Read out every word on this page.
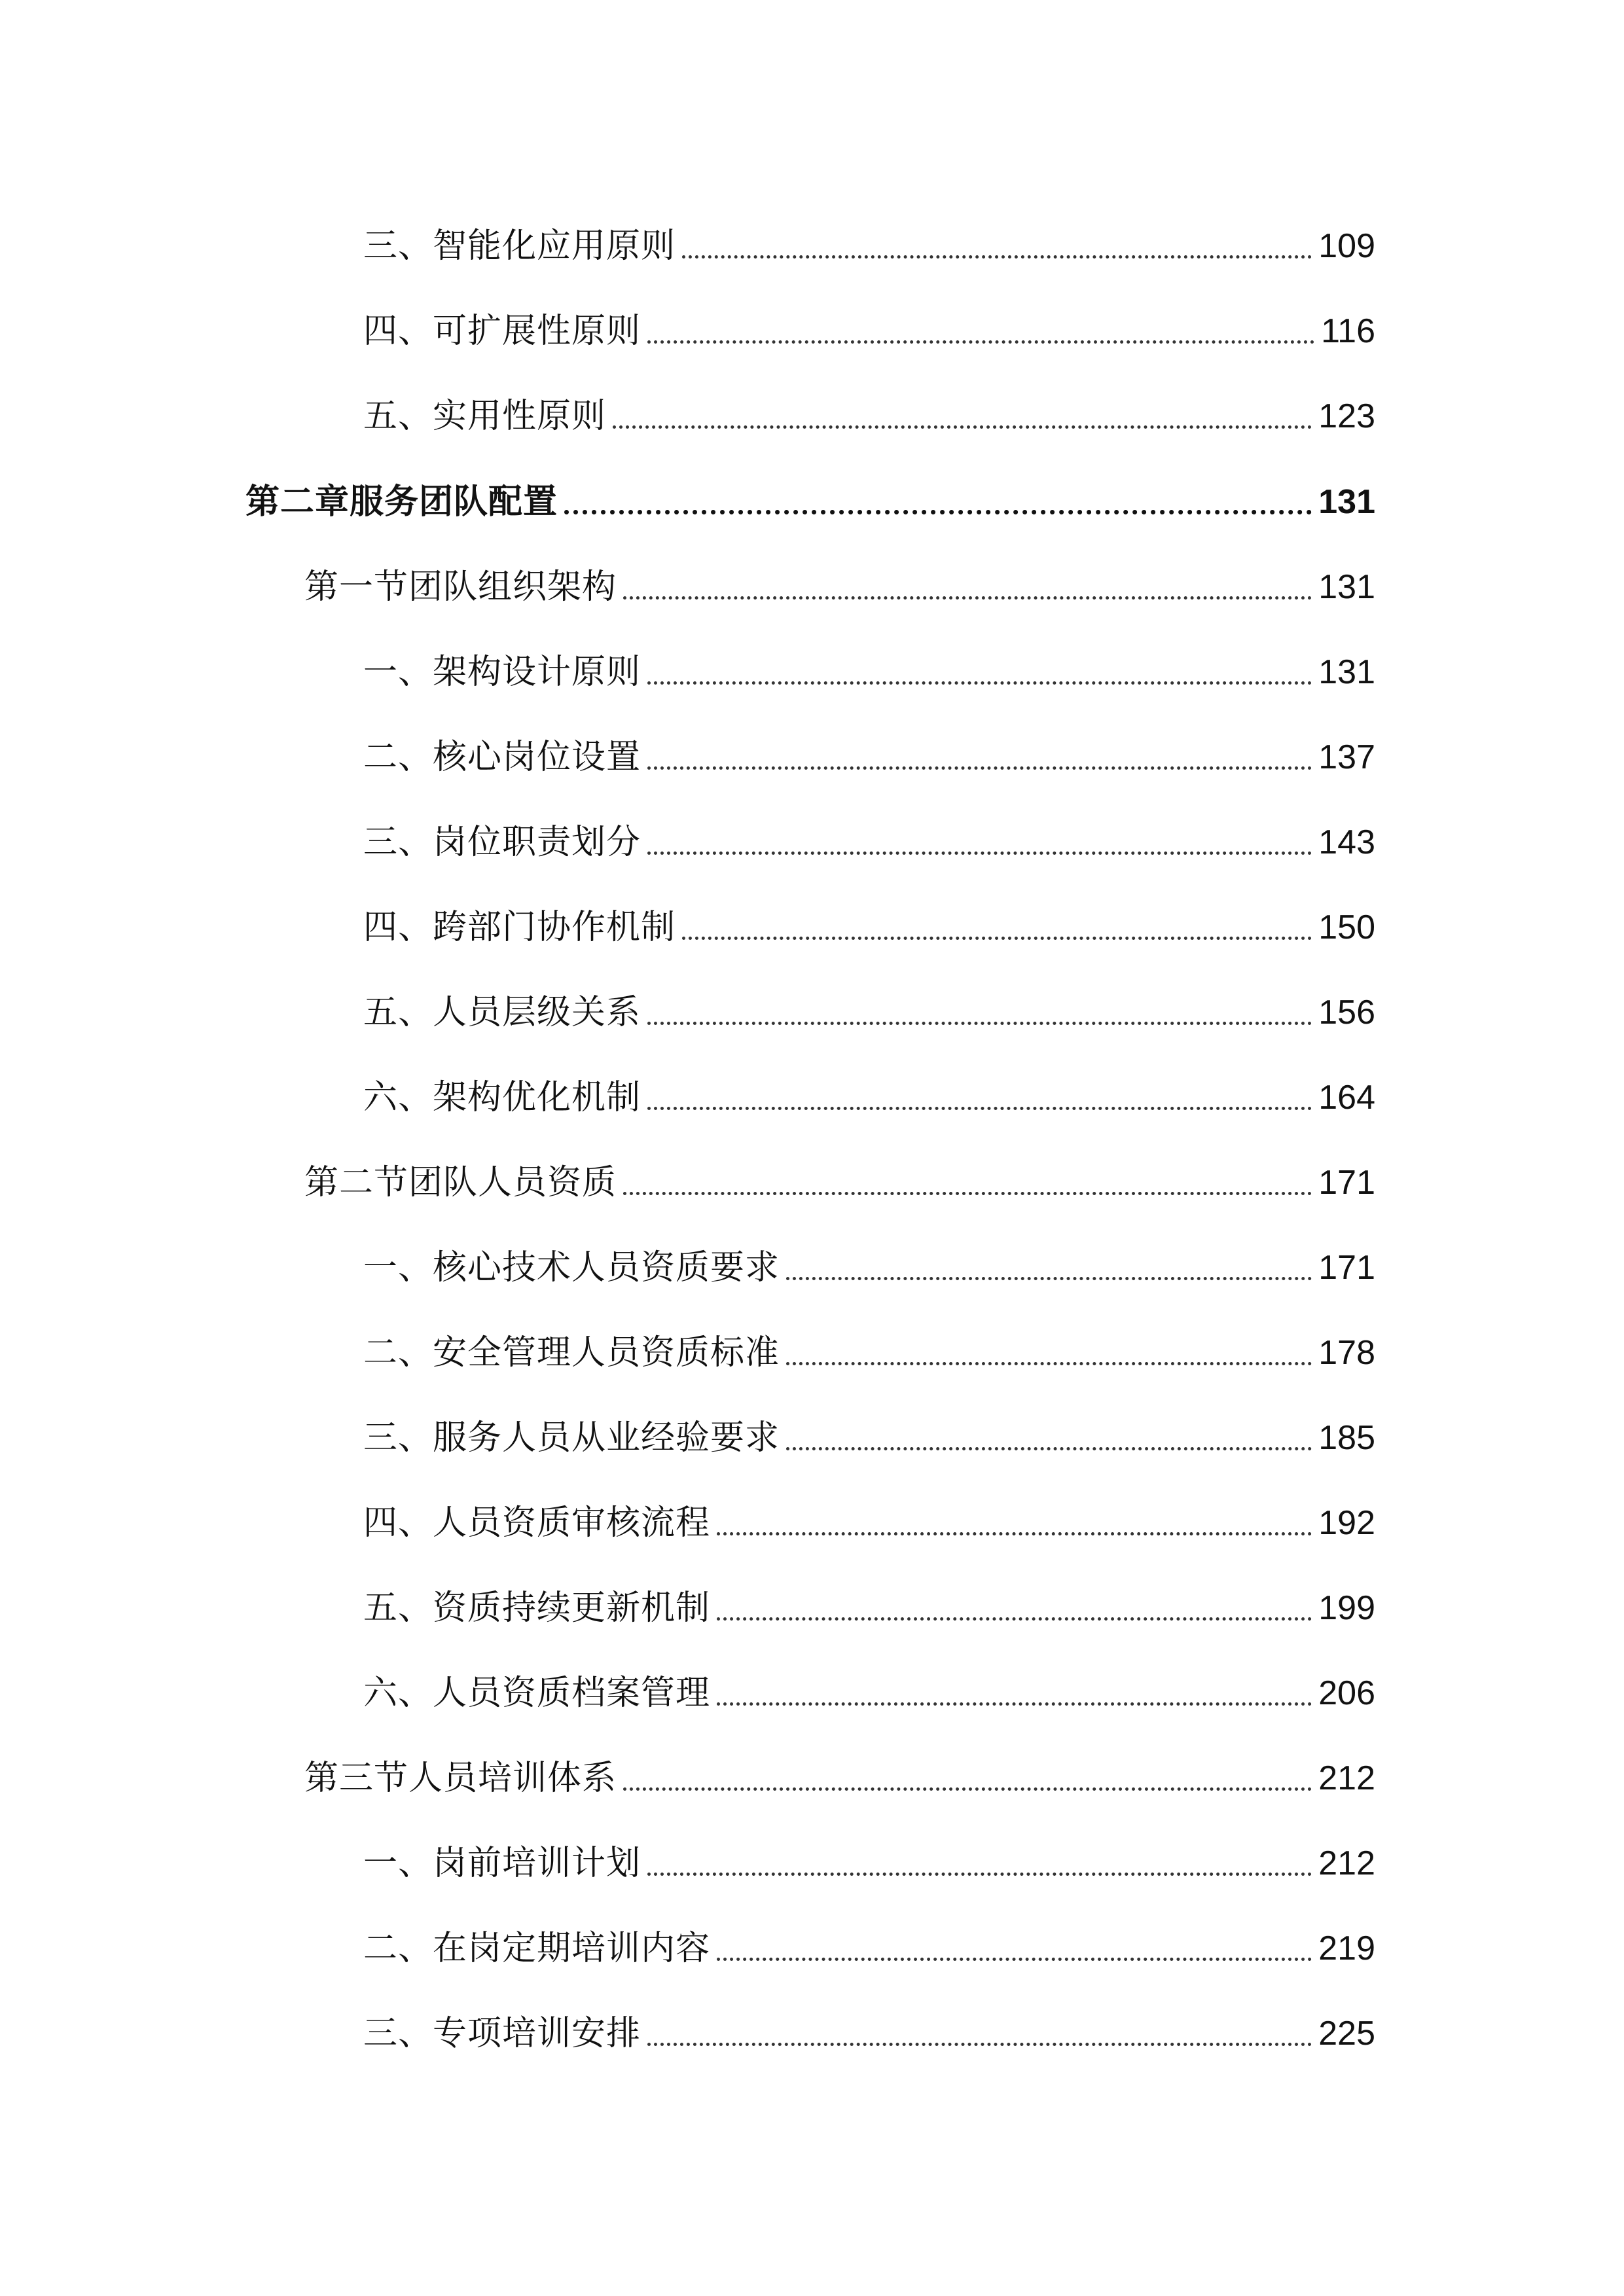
三、智能化应用原则	109
四、可扩展性原则	116
五、实用性原则	123
第二章服务团队配置	131
第一节团队组织架构	131
一、架构设计原则	131
二、核心岗位设置	137
三、岗位职责划分	143
四、跨部门协作机制	150
五、人员层级关系	156
六、架构优化机制	164
第二节团队人员资质	171
一、核心技术人员资质要求	171
二、安全管理人员资质标准	178
三、服务人员从业经验要求	185
四、人员资质审核流程	192
五、资质持续更新机制	199
六、人员资质档案管理	206
第三节人员培训体系	212
一、岗前培训计划	212
二、在岗定期培训内容	219
三、专项培训安排	225
